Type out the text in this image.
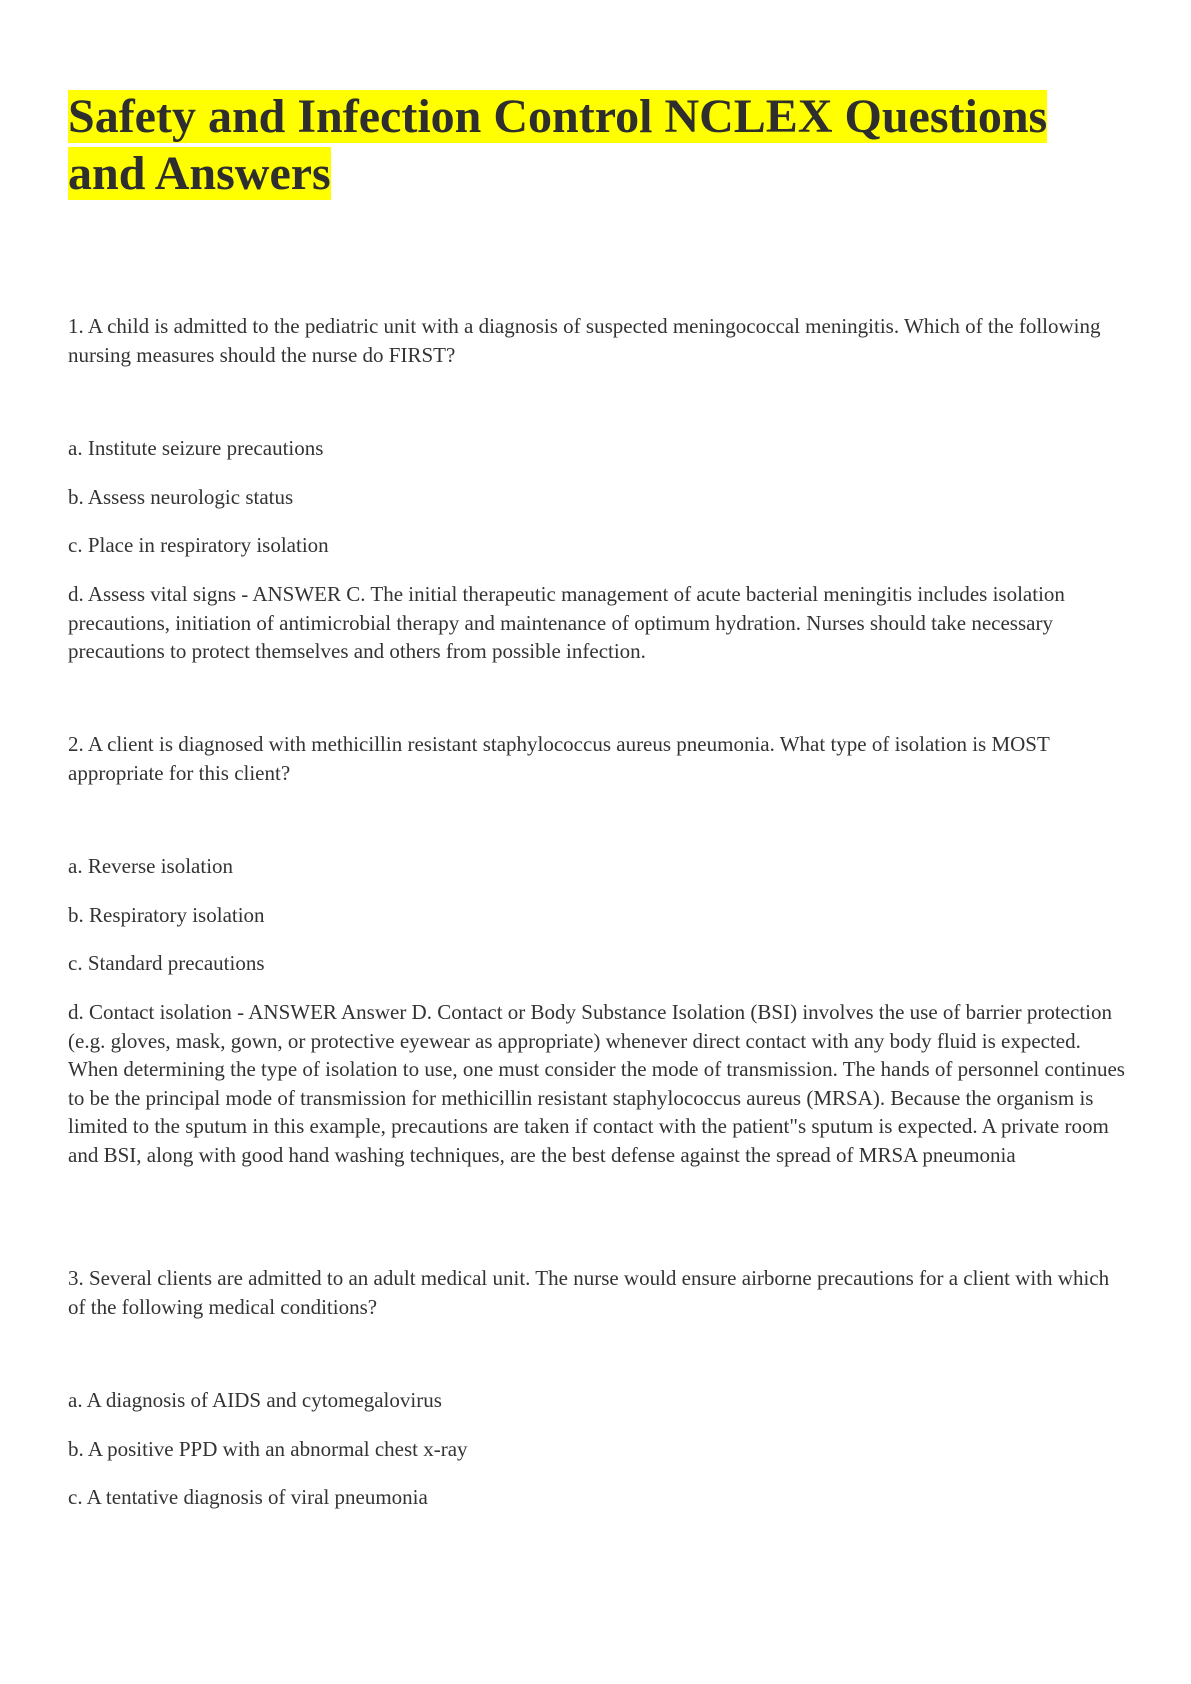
Safety and Infection Control NCLEX Questions
and Answers

1. A child is admitted to the pediatric unit with a diagnosis of suspected meningococcal meningitis. Which of the following nursing measures should the nurse do FIRST?

a. Institute seizure precautions

b. Assess neurologic status

c. Place in respiratory isolation

d. Assess vital signs - ANSWER C. The initial therapeutic management of acute bacterial meningitis includes isolation precautions, initiation of antimicrobial therapy and maintenance of optimum hydration. Nurses should take necessary precautions to protect themselves and others from possible infection.

2. A client is diagnosed with methicillin resistant staphylococcus aureus pneumonia. What type of isolation is MOST appropriate for this client?

a. Reverse isolation

b. Respiratory isolation

c. Standard precautions

d. Contact isolation - ANSWER Answer D. Contact or Body Substance Isolation (BSI) involves the use of barrier protection (e.g. gloves, mask, gown, or protective eyewear as appropriate) whenever direct contact with any body fluid is expected. When determining the type of isolation to use, one must consider the mode of transmission. The hands of personnel continues to be the principal mode of transmission for methicillin resistant staphylococcus aureus (MRSA). Because the organism is limited to the sputum in this example, precautions are taken if contact with the patient"s sputum is expected. A private room and BSI, along with good hand washing techniques, are the best defense against the spread of MRSA pneumonia

3. Several clients are admitted to an adult medical unit. The nurse would ensure airborne precautions for a client with which of the following medical conditions?

a. A diagnosis of AIDS and cytomegalovirus

b. A positive PPD with an abnormal chest x-ray

c. A tentative diagnosis of viral pneumonia
